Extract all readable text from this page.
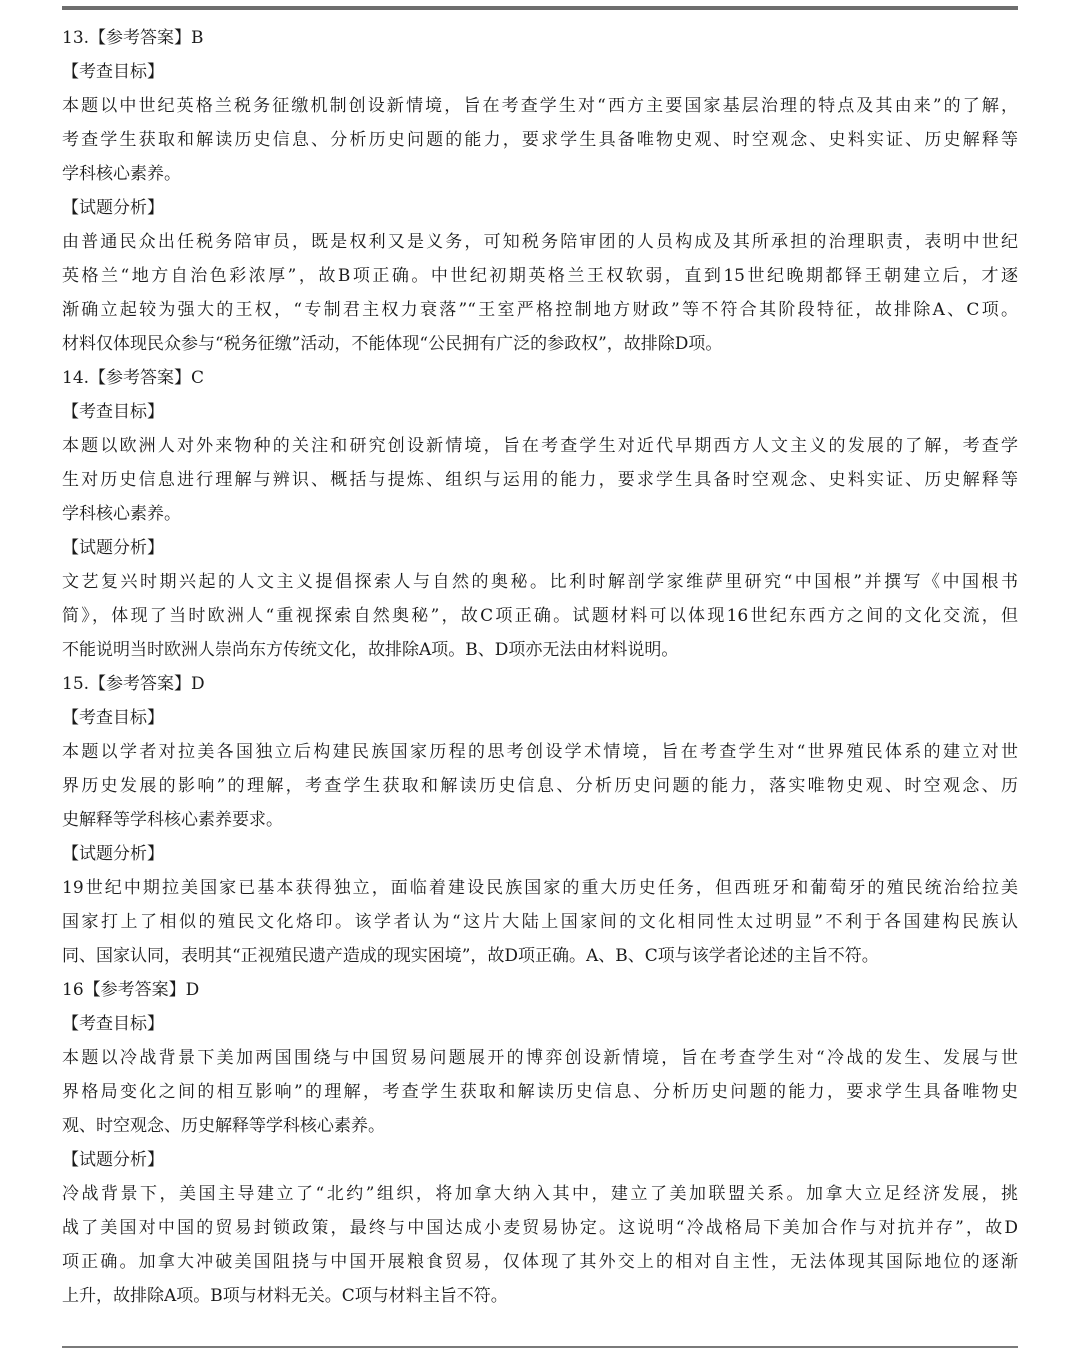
13.【参考答案】B
【考查目标】
本题以中世纪英格兰税务征缴机制创设新情境，旨在考查学生对“西方主要国家基层治理的特点及其由来”的了解，
考查学生获取和解读历史信息、分析历史问题的能力，要求学生具备唯物史观、时空观念、史料实证、历史解释等
学科核心素养。
【试题分析】
由普通民众出任税务陪审员，既是权利又是义务，可知税务陪审团的人员构成及其所承担的治理职责，表明中世纪
英格兰“地方自治色彩浓厚”，故B项正确。中世纪初期英格兰王权软弱，直到15世纪晚期都铎王朝建立后，才逐
渐确立起较为强大的王权，“专制君主权力衰落”“王室严格控制地方财政”等不符合其阶段特征，故排除A、C项。
材料仅体现民众参与“税务征缴”活动，不能体现“公民拥有广泛的参政权”，故排除D项。
14.【参考答案】C
【考查目标】
本题以欧洲人对外来物种的关注和研究创设新情境，旨在考查学生对近代早期西方人文主义的发展的了解，考查学
生对历史信息进行理解与辨识、概括与提炼、组织与运用的能力，要求学生具备时空观念、史料实证、历史解释等
学科核心素养。
【试题分析】
文艺复兴时期兴起的人文主义提倡探索人与自然的奥秘。比利时解剖学家维萨里研究“中国根”并撰写《中国根书
简》，体现了当时欧洲人“重视探索自然奥秘”，故C项正确。试题材料可以体现16世纪东西方之间的文化交流，但
不能说明当时欧洲人崇尚东方传统文化，故排除A项。B、D项亦无法由材料说明。
15.【参考答案】D
【考查目标】
本题以学者对拉美各国独立后构建民族国家历程的思考创设学术情境，旨在考查学生对“世界殖民体系的建立对世
界历史发展的影响”的理解，考查学生获取和解读历史信息、分析历史问题的能力，落实唯物史观、时空观念、历
史解释等学科核心素养要求。
【试题分析】
19世纪中期拉美国家已基本获得独立，面临着建设民族国家的重大历史任务，但西班牙和葡萄牙的殖民统治给拉美
国家打上了相似的殖民文化烙印。该学者认为“这片大陆上国家间的文化相同性太过明显”不利于各国建构民族认
同、国家认同，表明其“正视殖民遗产造成的现实困境”，故D项正确。A、B、C项与该学者论述的主旨不符。
16【参考答案】D
【考查目标】
本题以冷战背景下美加两国围绕与中国贸易问题展开的博弈创设新情境，旨在考查学生对“冷战的发生、发展与世
界格局变化之间的相互影响”的理解，考查学生获取和解读历史信息、分析历史问题的能力，要求学生具备唯物史
观、时空观念、历史解释等学科核心素养。
【试题分析】
冷战背景下，美国主导建立了“北约”组织，将加拿大纳入其中，建立了美加联盟关系。加拿大立足经济发展，挑
战了美国对中国的贸易封锁政策，最终与中国达成小麦贸易协定。这说明“冷战格局下美加合作与对抗并存”，故D
项正确。加拿大冲破美国阻挠与中国开展粮食贸易，仅体现了其外交上的相对自主性，无法体现其国际地位的逐渐
上升，故排除A项。B项与材料无关。C项与材料主旨不符。
